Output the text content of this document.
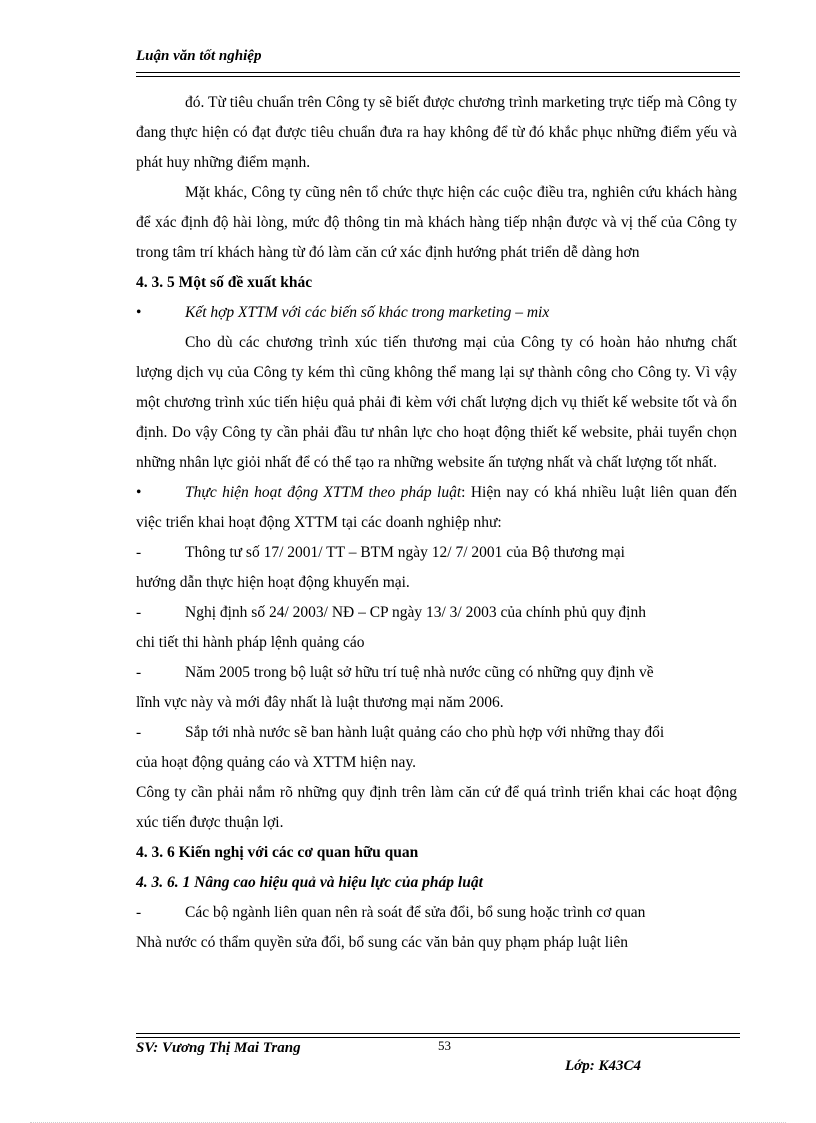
Luận văn tốt nghiệp

đó. Từ tiêu chuẩn trên Công ty sẽ biết được chương trình marketing trực tiếp mà Công ty đang thực hiện có đạt được tiêu chuẩn đưa ra hay không để từ đó khắc phục những điểm yếu và phát huy những điểm mạnh.

Mặt khác, Công ty cũng nên tổ chức thực hiện các cuộc điều tra, nghiên cứu khách hàng để xác định độ hài lòng, mức độ thông tin mà khách hàng tiếp nhận được và vị thế của Công ty trong tâm trí khách hàng từ đó làm căn cứ xác định hướng phát triển dễ dàng hơn

4. 3. 5 Một số đề xuất khác

•	Kết hợp XTTM với các biến số khác trong marketing – mix

Cho dù các chương trình xúc tiến thương mại của Công ty có hoàn hảo nhưng chất lượng dịch vụ của Công ty kém thì cũng không thể mang lại sự thành công cho Công ty. Vì vậy một chương trình xúc tiến hiệu quả phải đi kèm với chất lượng dịch vụ thiết kế website tốt và ổn định. Do vậy Công ty cần phải đầu tư nhân lực cho hoạt động thiết kế website, phải tuyển chọn những nhân lực giỏi nhất để có thể tạo ra những website ấn tượng nhất và chất lượng tốt nhất.

•	Thực hiện hoạt động XTTM theo pháp luật: Hiện nay có khá nhiều luật liên quan đến việc triển khai hoạt động XTTM tại các doanh nghiệp như:

-	Thông tư số 17/ 2001/ TT – BTM ngày 12/ 7/ 2001 của Bộ thương mại

hướng dẫn thực hiện hoạt động khuyến mại.

-	Nghị định số 24/ 2003/ NĐ – CP ngày 13/ 3/ 2003 của chính phủ quy định

chi tiết thi hành pháp lệnh quảng cáo

-	Năm 2005 trong bộ luật sở hữu trí tuệ nhà nước cũng có những quy định về

lĩnh vực này và mới đây nhất là luật thương mại năm 2006.

-	Sắp tới nhà nước sẽ ban hành luật quảng cáo cho phù hợp với những thay đổi

của hoạt động quảng cáo và XTTM hiện nay.

Công ty cần phải nắm rõ những quy định trên làm căn cứ để quá trình triển khai các hoạt động xúc tiến được thuận lợi.

4. 3. 6 Kiến nghị với các cơ quan hữu quan

4. 3. 6. 1 Nâng cao hiệu quả và hiệu lực của pháp luật

-	Các bộ ngành liên quan nên rà soát để sửa đổi, bổ sung hoặc trình cơ quan

Nhà nước có thẩm quyền sửa đổi, bổ sung các văn bản quy phạm pháp luật liên

SV: Vương Thị Mai Trang	53
Lớp: K43C4
